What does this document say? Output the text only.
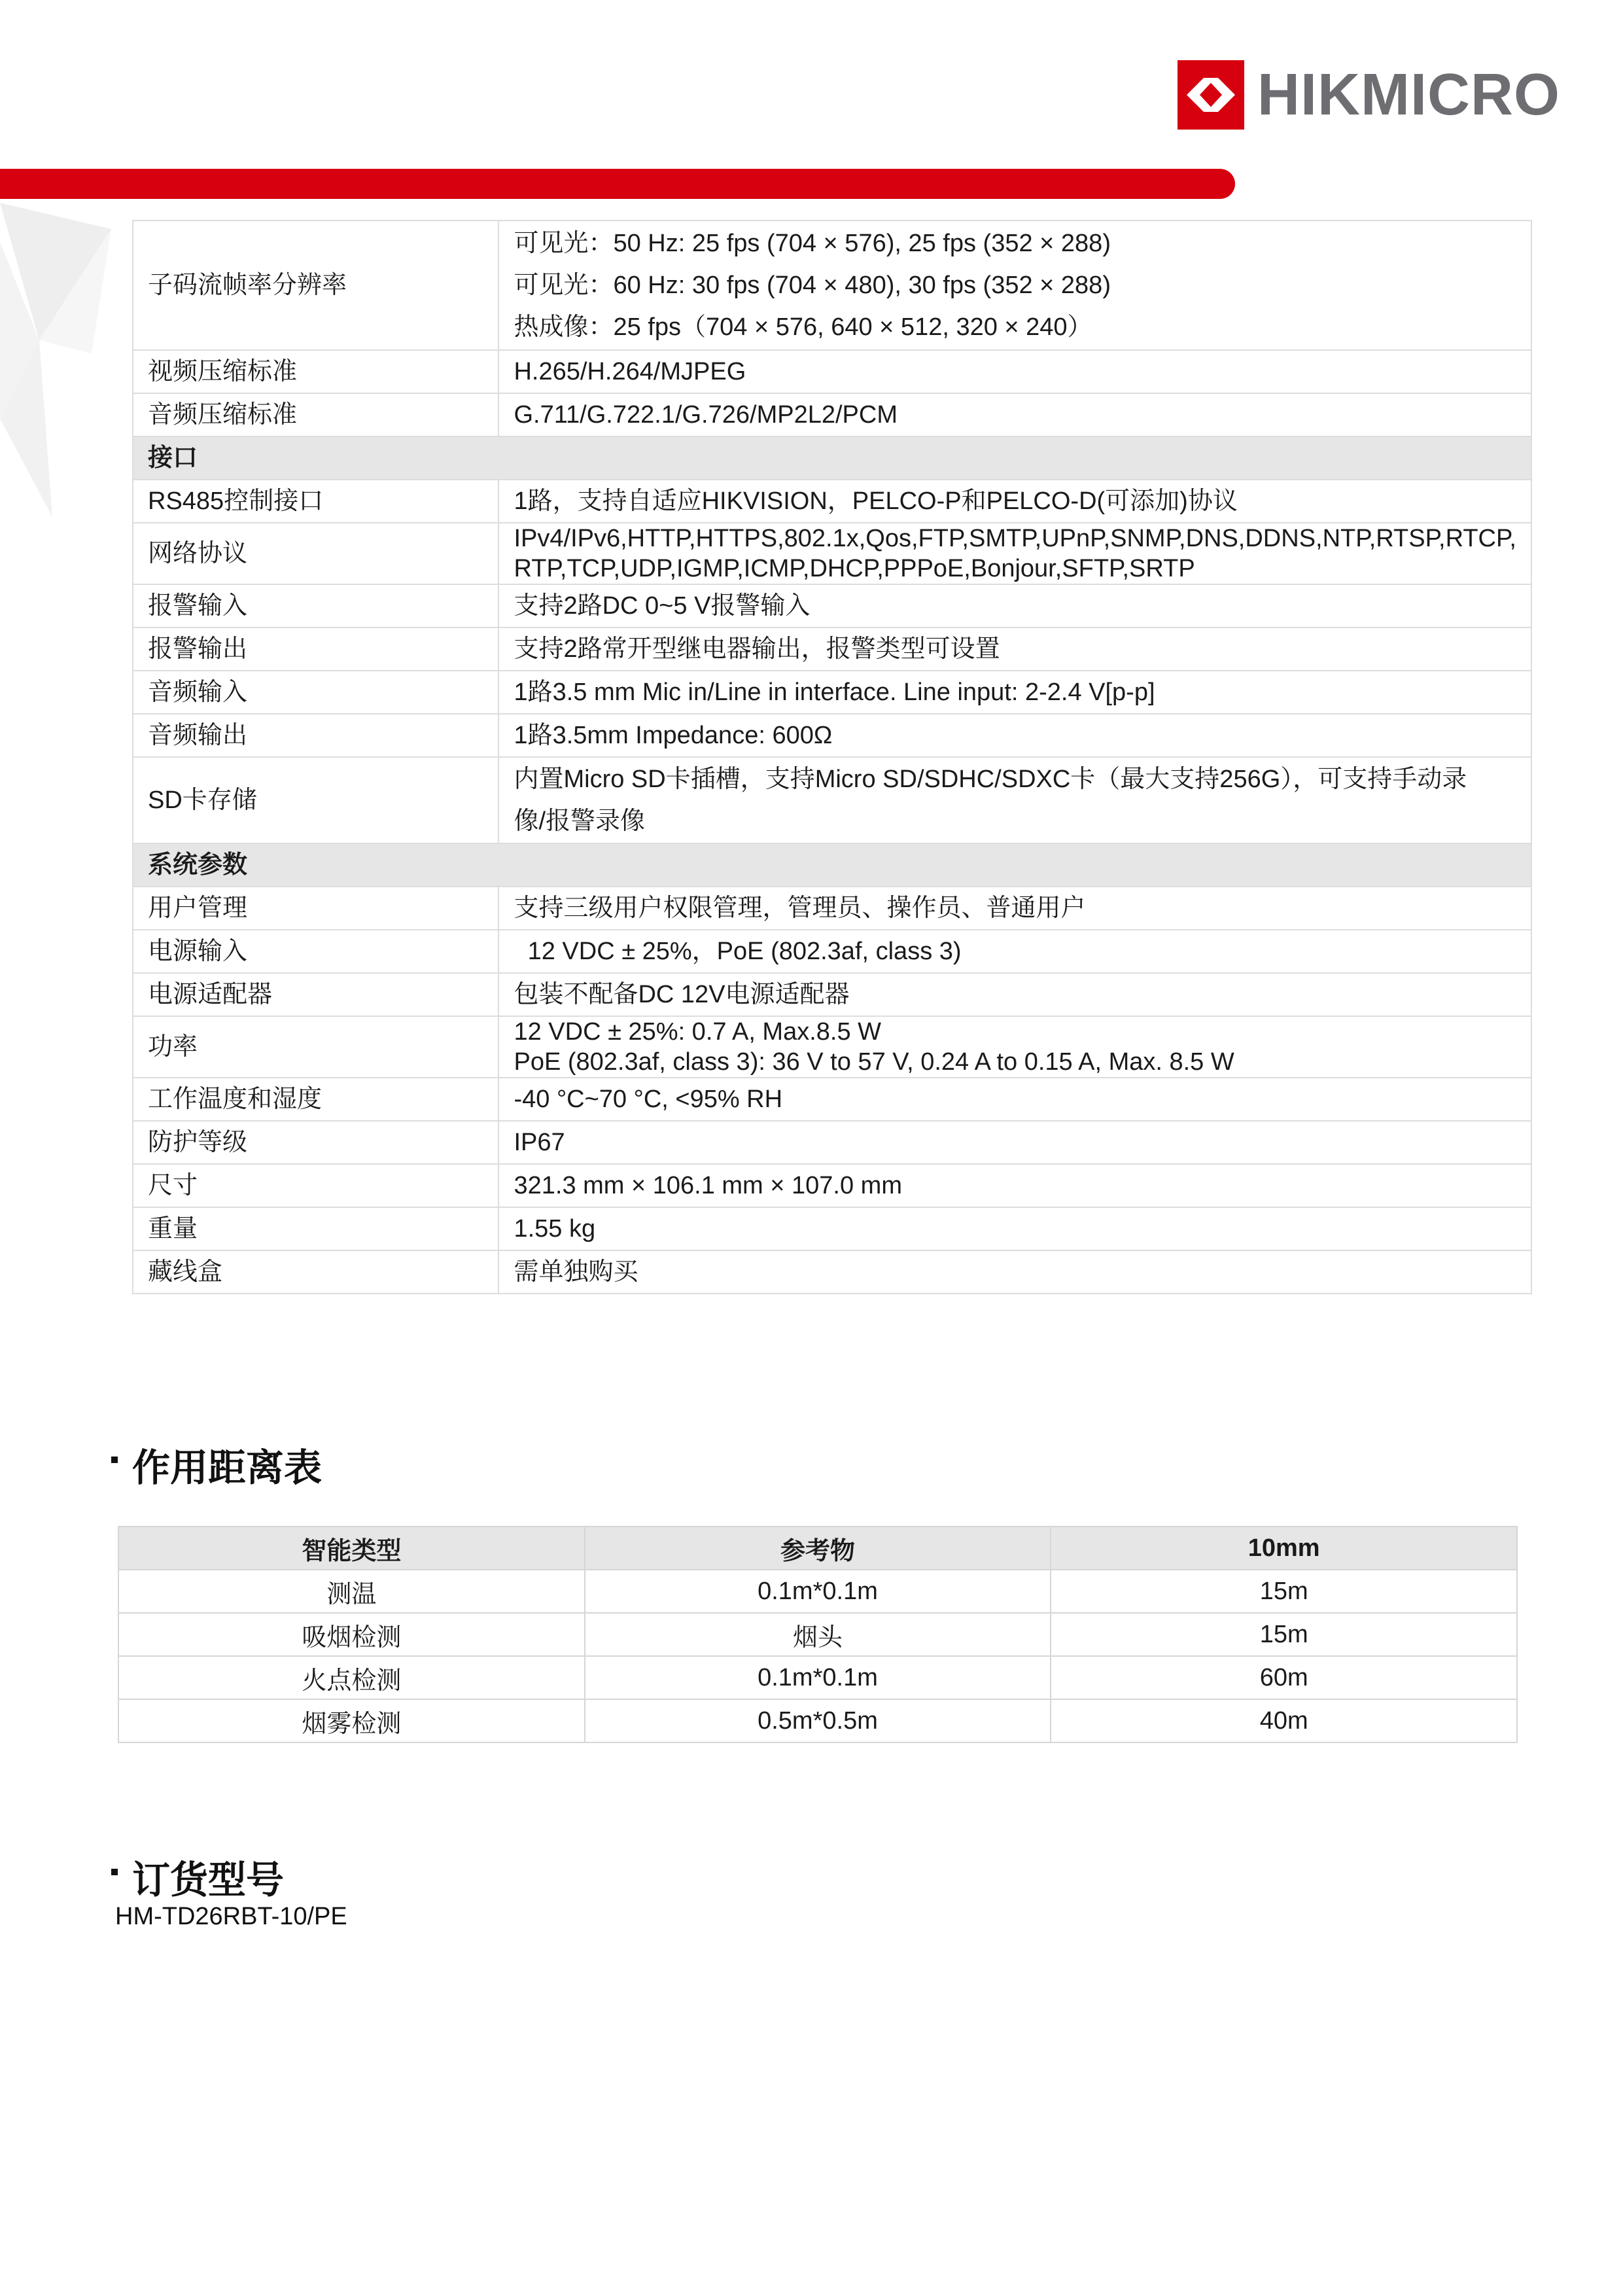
HIKMICRO
子码流帧率分辨率	可见光：50 Hz: 25 fps (704 × 576), 25 fps (352 × 288)
可见光：60 Hz: 30 fps (704 × 480), 30 fps (352 × 288)
热成像：25 fps（704 × 576, 640 × 512, 320 × 240）

视频压缩标准	H.265/H.264/MJPEG

音频压缩标准	G.711/G.722.1/G.726/MP2L2/PCM

接口	
RS485控制接口	1路，支持自适应HIKVISION，PELCO-P和PELCO-D(可添加)协议

网络协议	IPv4/IPv6,HTTP,HTTPS,802.1x,Qos,FTP,SMTP,UPnP,SNMP,DNS,DDNS,NTP,RTSP,RTCP,
RTP,TCP,UDP,IGMP,ICMP,DHCP,PPPoE,Bonjour,SFTP,SRTP

报警输入	支持2路DC 0~5 V报警输入

报警输出	支持2路常开型继电器输出，报警类型可设置

音频输入	1路3.5 mm Mic in/Line in interface. Line input: 2-2.4 V[p-p]

音频输出	1路3.5mm Impedance: 600Ω

SD卡存储	内置Micro SD卡插槽，支持Micro SD/SDHC/SDXC卡（最大支持256G），可支持手动录
像/报警录像

系统参数	
用户管理	支持三级用户权限管理，管理员、操作员、普通用户

电源输入	12 VDC ± 25%，PoE (802.3af, class 3)

电源适配器	包装不配备DC 12V电源适配器

功率	12 VDC ± 25%: 0.7 A, Max.8.5 W
PoE (802.3af, class 3): 36 V to 57 V, 0.24 A to 0.15 A, Max. 8.5 W

工作温度和湿度	-40 °C~70 °C, <95% RH

防护等级	IP67

尺寸	321.3 mm × 106.1 mm × 107.0 mm

重量	1.55 kg

藏线盒	需单独购买
作用距离表
智能类型	参考物	10mm
测温	0.1m*0.1m	15m
吸烟检测	烟头	15m
火点检测	0.1m*0.1m	60m
烟雾检测	0.5m*0.5m	40m
订货型号
HM-TD26RBT-10/PE
